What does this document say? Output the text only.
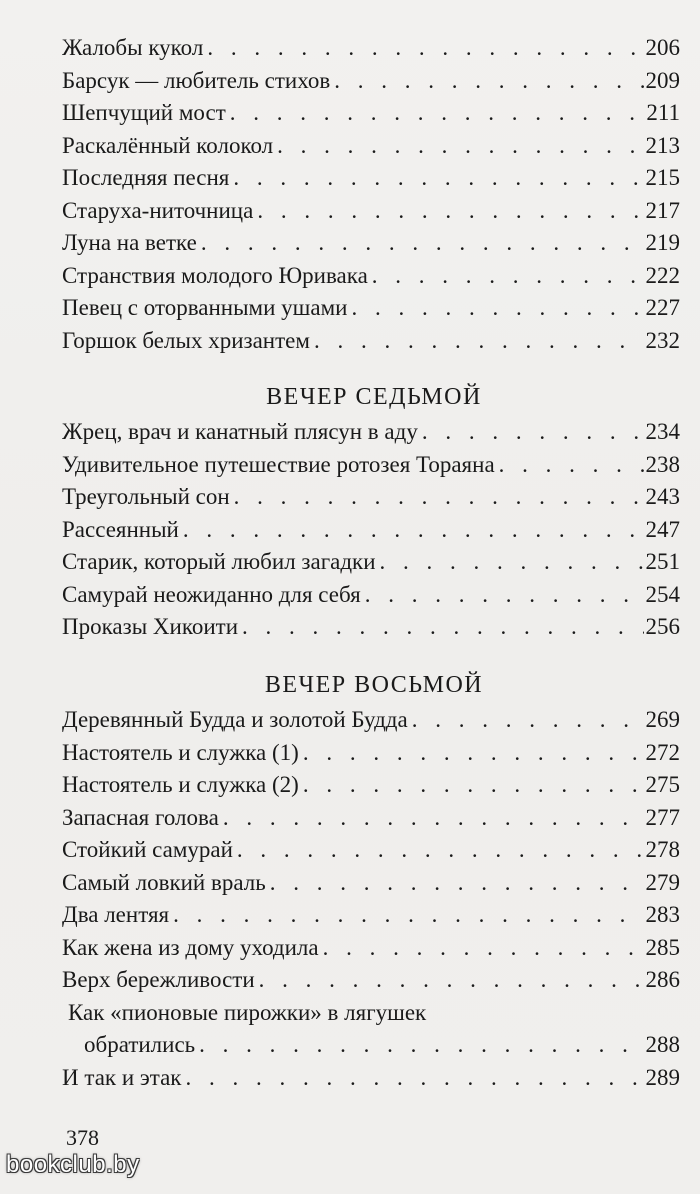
Жалобы кукол . . .	206
Барсук — любитель стихов . . .	209
Шепчущий мост . . .	211
Раскалённый колокол . . .	213
Последняя песня . . .	215
Старуха-ниточница . . .	217
Луна на ветке . . .	219
Странствия молодого Юривака . . .	222
Певец с оторванными ушами . . .	227
Горшок белых хризантем . . .	232
ВЕЧЕР СЕДЬМОЙ
Жрец, врач и канатный плясун в аду . . .	234
Удивительное путешествие ротозея Тораяна . . .	238
Треугольный сон . . .	243
Рассеянный . . .	247
Старик, который любил загадки . . .	251
Самурай неожиданно для себя . . .	254
Проказы Хикоити . . .	256
ВЕЧЕР ВОСЬМОЙ
Деревянный Будда и золотой Будда . . .	269
Настоятель и служка (1) . . .	272
Настоятель и служка (2) . . .	275
Запасная голова . . .	277
Стойкий самурай . . .	278
Самый ловкий враль . . .	279
Два лентяя . . .	283
Как жена из дому уходила . . .	285
Верх бережливости . . .	286
Как «пионовые пирожки» в лягушек
обратились . . .	288
И так и этак . . .	289
378
bookclub.by
